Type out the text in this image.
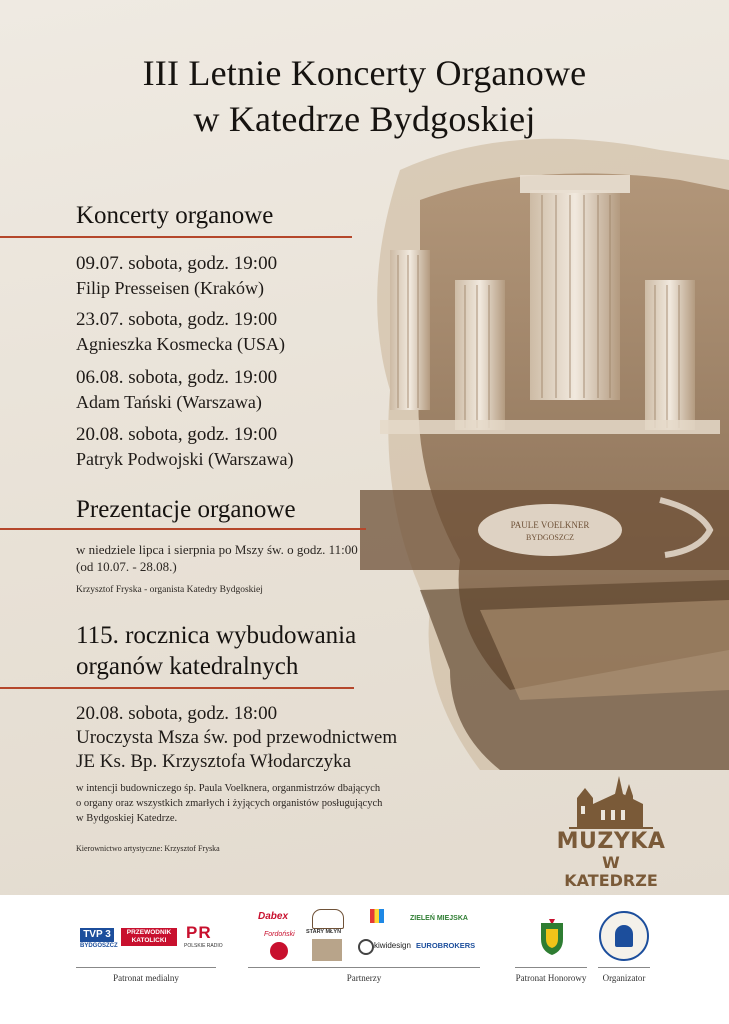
PAULE VOELKNER
BYDGOSZCZ
III Letnie Koncerty Organowe
w Katedrze Bydgoskiej
Koncerty organowe
09.07. sobota, godz. 19:00
Filip Presseisen (Kraków)
23.07. sobota, godz. 19:00
Agnieszka Kosmecka (USA)
06.08. sobota, godz. 19:00
Adam Tański (Warszawa)
20.08. sobota, godz. 19:00
Patryk Podwojski (Warszawa)
Prezentacje organowe
w niedziele lipca i sierpnia po Mszy św. o godz. 11:00
(od 10.07. - 28.08.)
Krzysztof Fryska - organista Katedry Bydgoskiej
115. rocznica wybudowania
organów katedralnych
20.08. sobota, godz. 18:00
Uroczysta Msza św. pod przewodnictwem
JE Ks. Bp. Krzysztofa Włodarczyka
w intencji budowniczego śp. Paula Voelknera, organmistrzów dbających
o organy oraz wszystkich zmarłych i żyjących organistów posługujących
w Bydgoskiej Katedrze.
Kierownictwo artystyczne: Krzysztof Fryska	MUZYKA
W KATEDRZE
TVP 3
BYDGOSZCZ
PRZEWODNIK
KATOLICKI	PR
POLSKIE RADIO
Patronat medialny
Dabex
Fordoński STARY MŁYN
kiwidesign
ZIELEŃ MIEJSKA
EUROBROKERS
Partnerzy	Patronat Honorowy	Organizator
